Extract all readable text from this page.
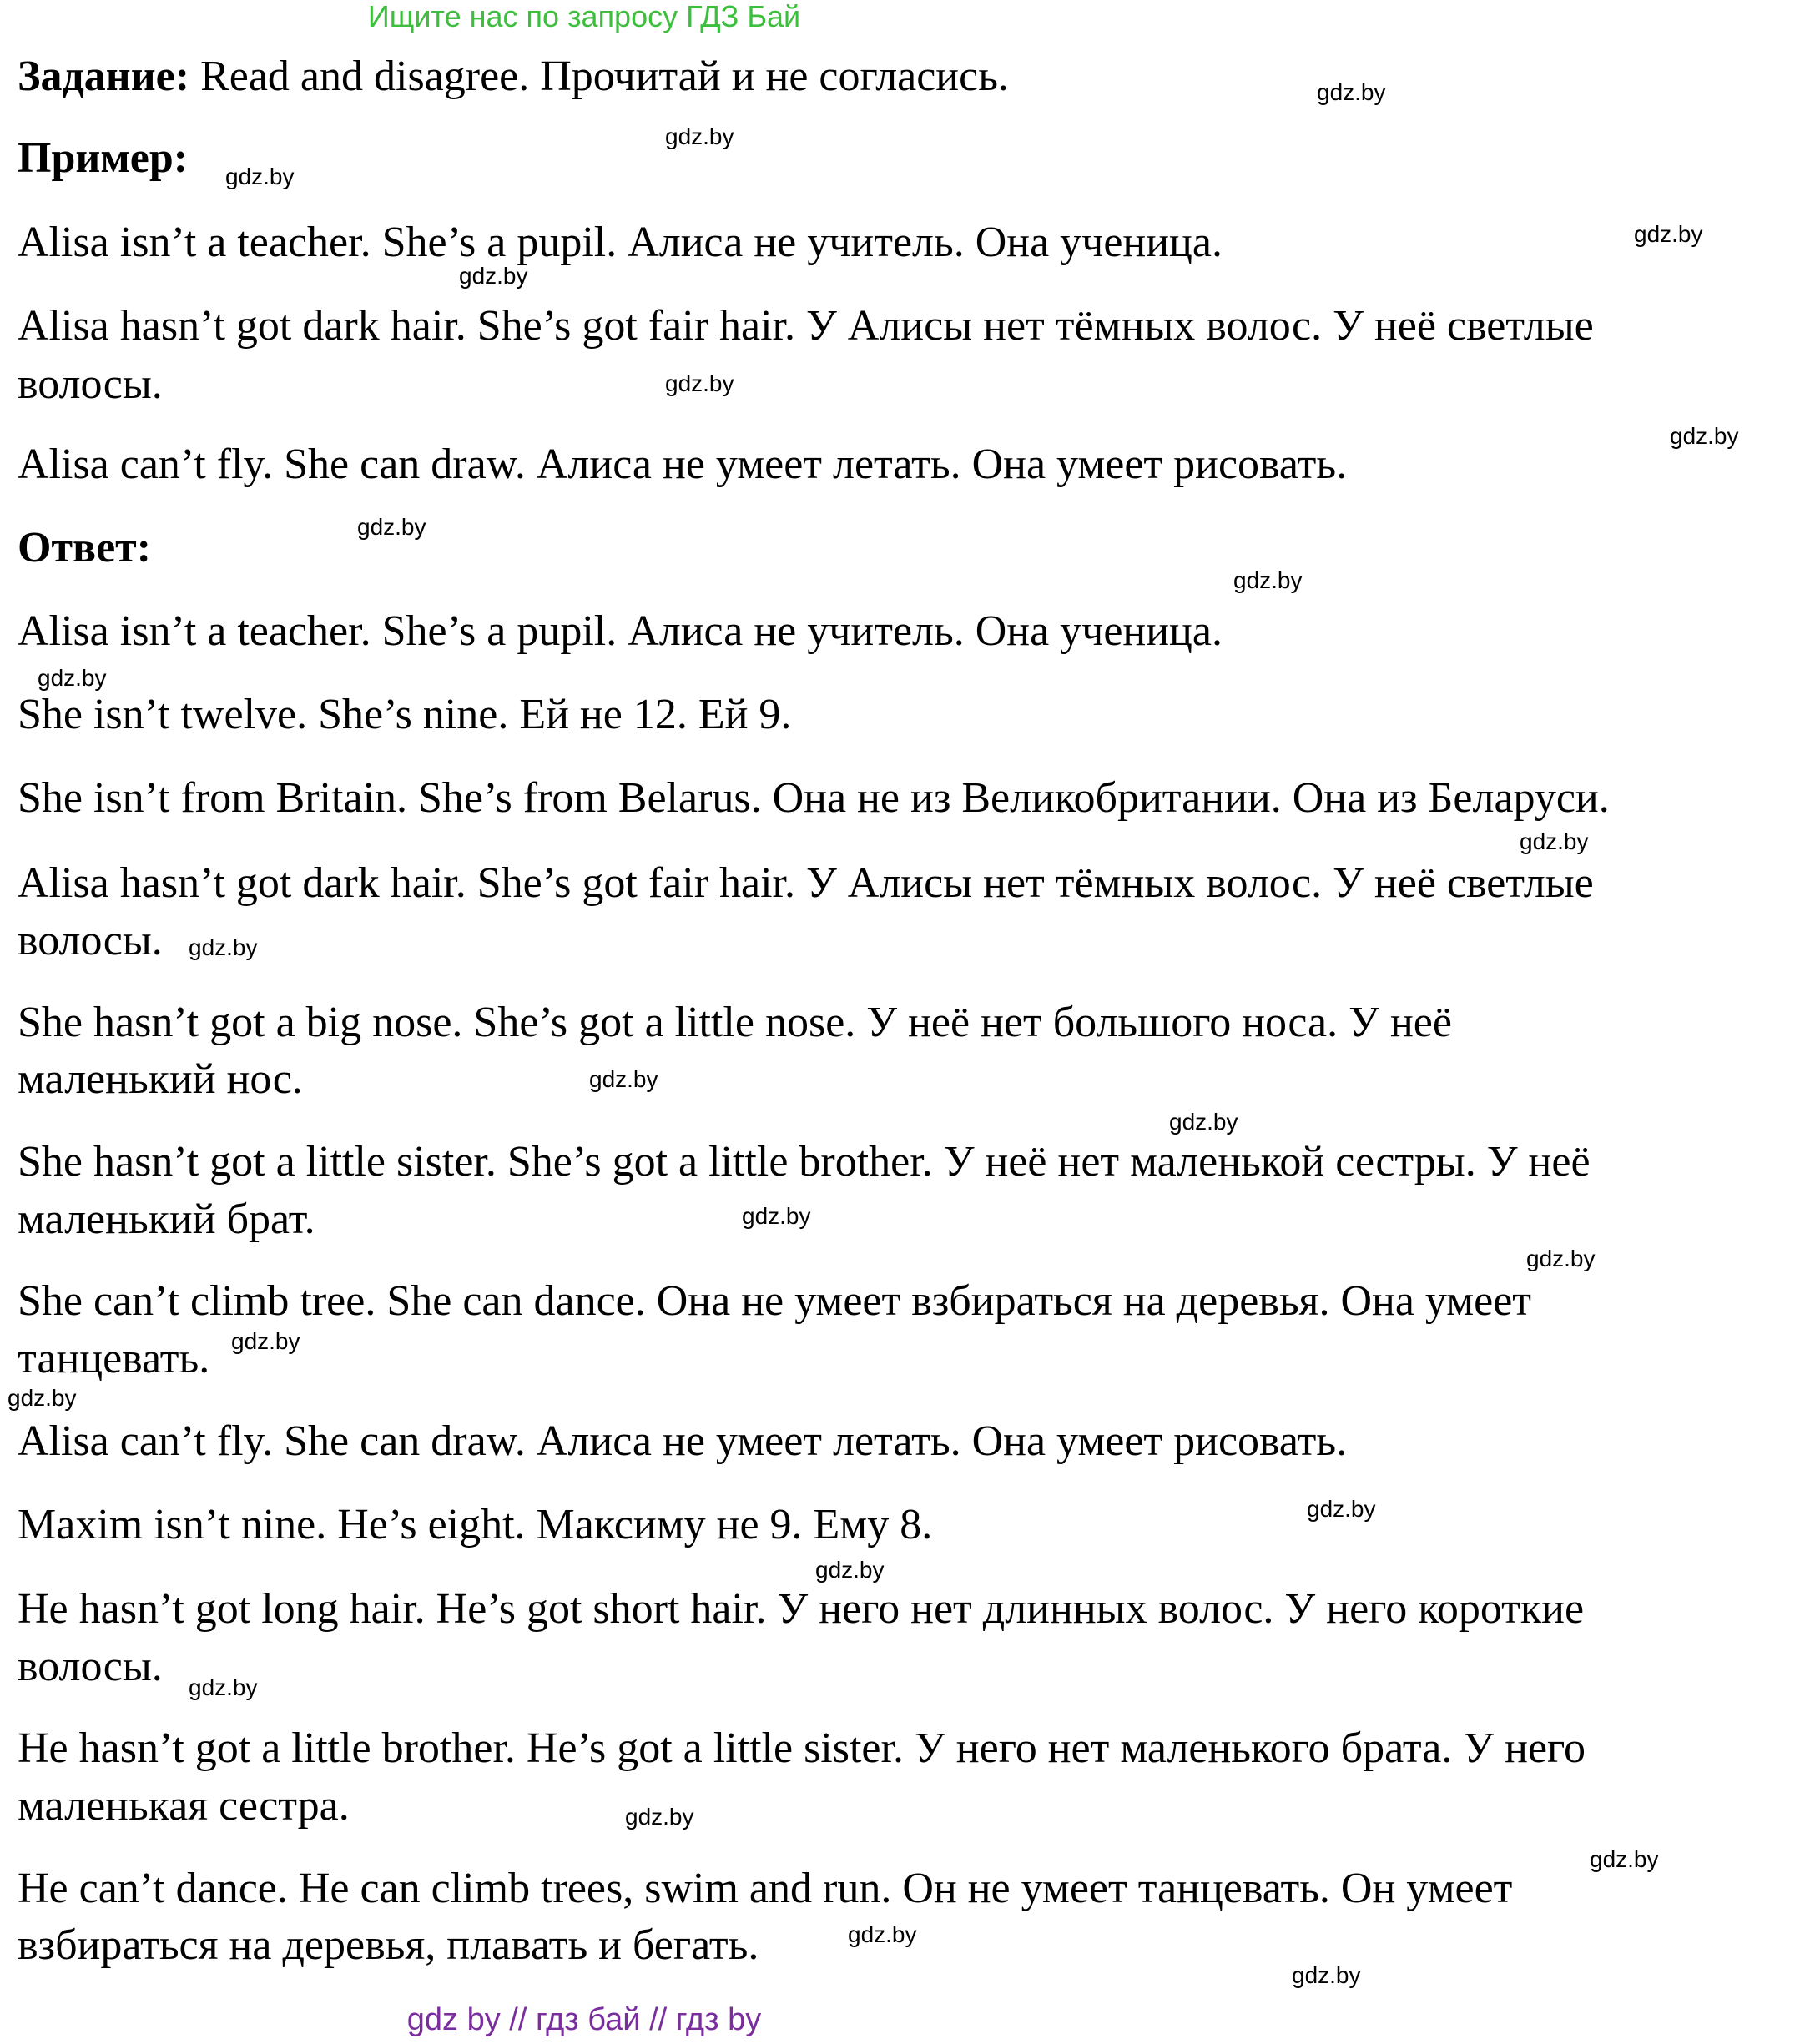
Ищите нас по запросу ГДЗ Бай
Задание: Read and disagree. Прочитай и не согласись.
Пример:
Alisa isn’t a teacher. She’s a pupil. Алиса не учитель. Она ученица.
Alisa hasn’t got dark hair. She’s got fair hair. У Алисы нет тёмных волос. У неё светлые
волосы.
Alisa can’t fly. She can draw. Алиса не умеет летать. Она умеет рисовать.
Ответ:
Alisa isn’t a teacher. She’s a pupil. Алиса не учитель. Она ученица.
She isn’t twelve. She’s nine. Ей не 12. Ей 9.
She isn’t from Britain. She’s from Belarus. Она не из Великобритании. Она из Беларуси.
Alisa hasn’t got dark hair. She’s got fair hair. У Алисы нет тёмных волос. У неё светлые
волосы.
She hasn’t got a big nose. She’s got a little nose. У неё нет большого носа. У неё
маленький нос.
She hasn’t got a little sister. She’s got a little brother. У неё нет маленькой сестры. У неё
маленький брат.
She can’t climb tree. She can dance. Она не умеет взбираться на деревья. Она умеет
танцевать.
Alisa can’t fly. She can draw. Алиса не умеет летать. Она умеет рисовать.
Maxim isn’t nine. He’s eight. Максиму не 9. Ему 8.
He hasn’t got long hair. He’s got short hair. У него нет длинных волос. У него короткие
волосы.
He hasn’t got a little brother. He’s got a little sister. У него нет маленького брата. У него
маленькая сестра.
He can’t dance. He can climb trees, swim and run. Он не умеет танцевать. Он умеет
взбираться на деревья, плавать и бегать.
gdz.by
gdz.by
gdz.by
gdz.by
gdz.by
gdz.by
gdz.by
gdz.by
gdz.by
gdz.by
gdz.by
gdz.by
gdz.by
gdz.by
gdz.by
gdz.by
gdz.by
gdz.by
gdz.by
gdz.by
gdz.by
gdz.by
gdz.by
gdz.by
gdz.by
gdz by // гдз бай // гдз by
